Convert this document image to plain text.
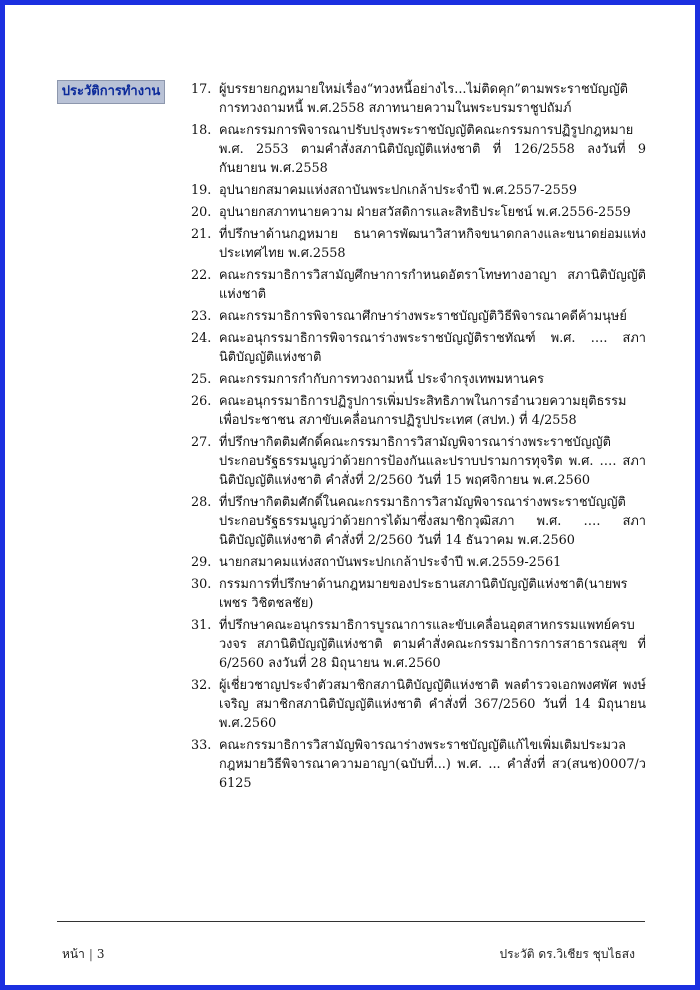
ประวัติการทำงาน	17. ผู้บรรยายกฎหมายใหม่เรื่อง“ทวงหนี้อย่างไร...ไม่ติดคุก”ตามพระราชบัญญัติการทวงถามหนี้ พ.ศ.2558 สภาทนายความในพระบรมราชูปถัมภ์
18. คณะกรรมการพิจารณาปรับปรุงพระราชบัญญัติคณะกรรมการปฏิรูปกฎหมาย พ.ศ. 2553 ตามคำสั่งสภานิติบัญญัติแห่งชาติ ที่ 126/2558 ลงวันที่ 9 กันยายน พ.ศ.2558
19. อุปนายกสมาคมแห่งสถาบันพระปกเกล้าประจำปี พ.ศ.2557-2559
20. อุปนายกสภาทนายความ ฝ่ายสวัสดิการและสิทธิประโยชน์ พ.ศ.2556-2559
21. ที่ปรึกษาด้านกฎหมาย ธนาคารพัฒนาวิสาหกิจขนาดกลางและขนาดย่อมแห่งประเทศไทย พ.ศ.2558
22. คณะกรรมาธิการวิสามัญศึกษาการกำหนดอัตราโทษทางอาญา สภานิติบัญญัติแห่งชาติ
23. คณะกรรมาธิการพิจารณาศึกษาร่างพระราชบัญญัติวิธีพิจารณาคดีค้ามนุษย์
24. คณะอนุกรรมาธิการพิจารณาร่างพระราชบัญญัติราชทัณฑ์ พ.ศ. …. สภานิติบัญญัติแห่งชาติ
25. คณะกรรมการกำกับการทวงถามหนี้ ประจำกรุงเทพมหานคร
26. คณะอนุกรรมาธิการปฏิรูปการเพิ่มประสิทธิภาพในการอำนวยความยุติธรรมเพื่อประชาชน สภาขับเคลื่อนการปฏิรูปประเทศ (สปท.) ที่ 4/2558
27. ที่ปรึกษากิตติมศักดิ์คณะกรรมาธิการวิสามัญพิจารณาร่างพระราชบัญญัติประกอบรัฐธรรมนูญว่าด้วยการป้องกันและปราบปรามการทุจริต พ.ศ. …. สภานิติบัญญัติแห่งชาติ คำสั่งที่ 2/2560 วันที่ 15 พฤศจิกายน พ.ศ.2560
28. ที่ปรึกษากิตติมศักดิ์ในคณะกรรมาธิการวิสามัญพิจารณาร่างพระราชบัญญัติประกอบรัฐธรรมนูญว่าด้วยการได้มาซึ่งสมาชิกวุฒิสภา พ.ศ. …. สภานิติบัญญัติแห่งชาติ คำสั่งที่ 2/2560 วันที่ 14 ธันวาคม พ.ศ.2560
29. นายกสมาคมแห่งสถาบันพระปกเกล้าประจำปี พ.ศ.2559-2561
30. กรรมการที่ปรึกษาด้านกฎหมายของประธานสภานิติบัญญัติแห่งชาติ(นายพรเพชร วิชิตชลชัย)
31. ที่ปรึกษาคณะอนุกรรมาธิการบูรณาการและขับเคลื่อนอุตสาหกรรมแพทย์ครบวงจร สภานิติบัญญัติแห่งชาติ ตามคำสั่งคณะกรรมาธิการการสาธารณสุข ที่ 6/2560 ลงวันที่ 28 มิถุนายน พ.ศ.2560
32. ผู้เชี่ยวชาญประจำตัวสมาชิกสภานิติบัญญัติแห่งชาติ พลตำรวจเอกพงศพัศ พงษ์เจริญ สมาชิกสภานิติบัญญัติแห่งชาติ คำสั่งที่ 367/2560 วันที่ 14 มิถุนายน พ.ศ.2560
33. คณะกรรมาธิการวิสามัญพิจารณาร่างพระราชบัญญัติแก้ไขเพิ่มเติมประมวลกฎหมายวิธีพิจารณาความอาญา(ฉบับที่...) พ.ศ. ... คำสั่งที่ สว(สนช)0007/ว 6125
หน้า | 3	ประวัติ ดร.วิเชียร ชุบไธสง
